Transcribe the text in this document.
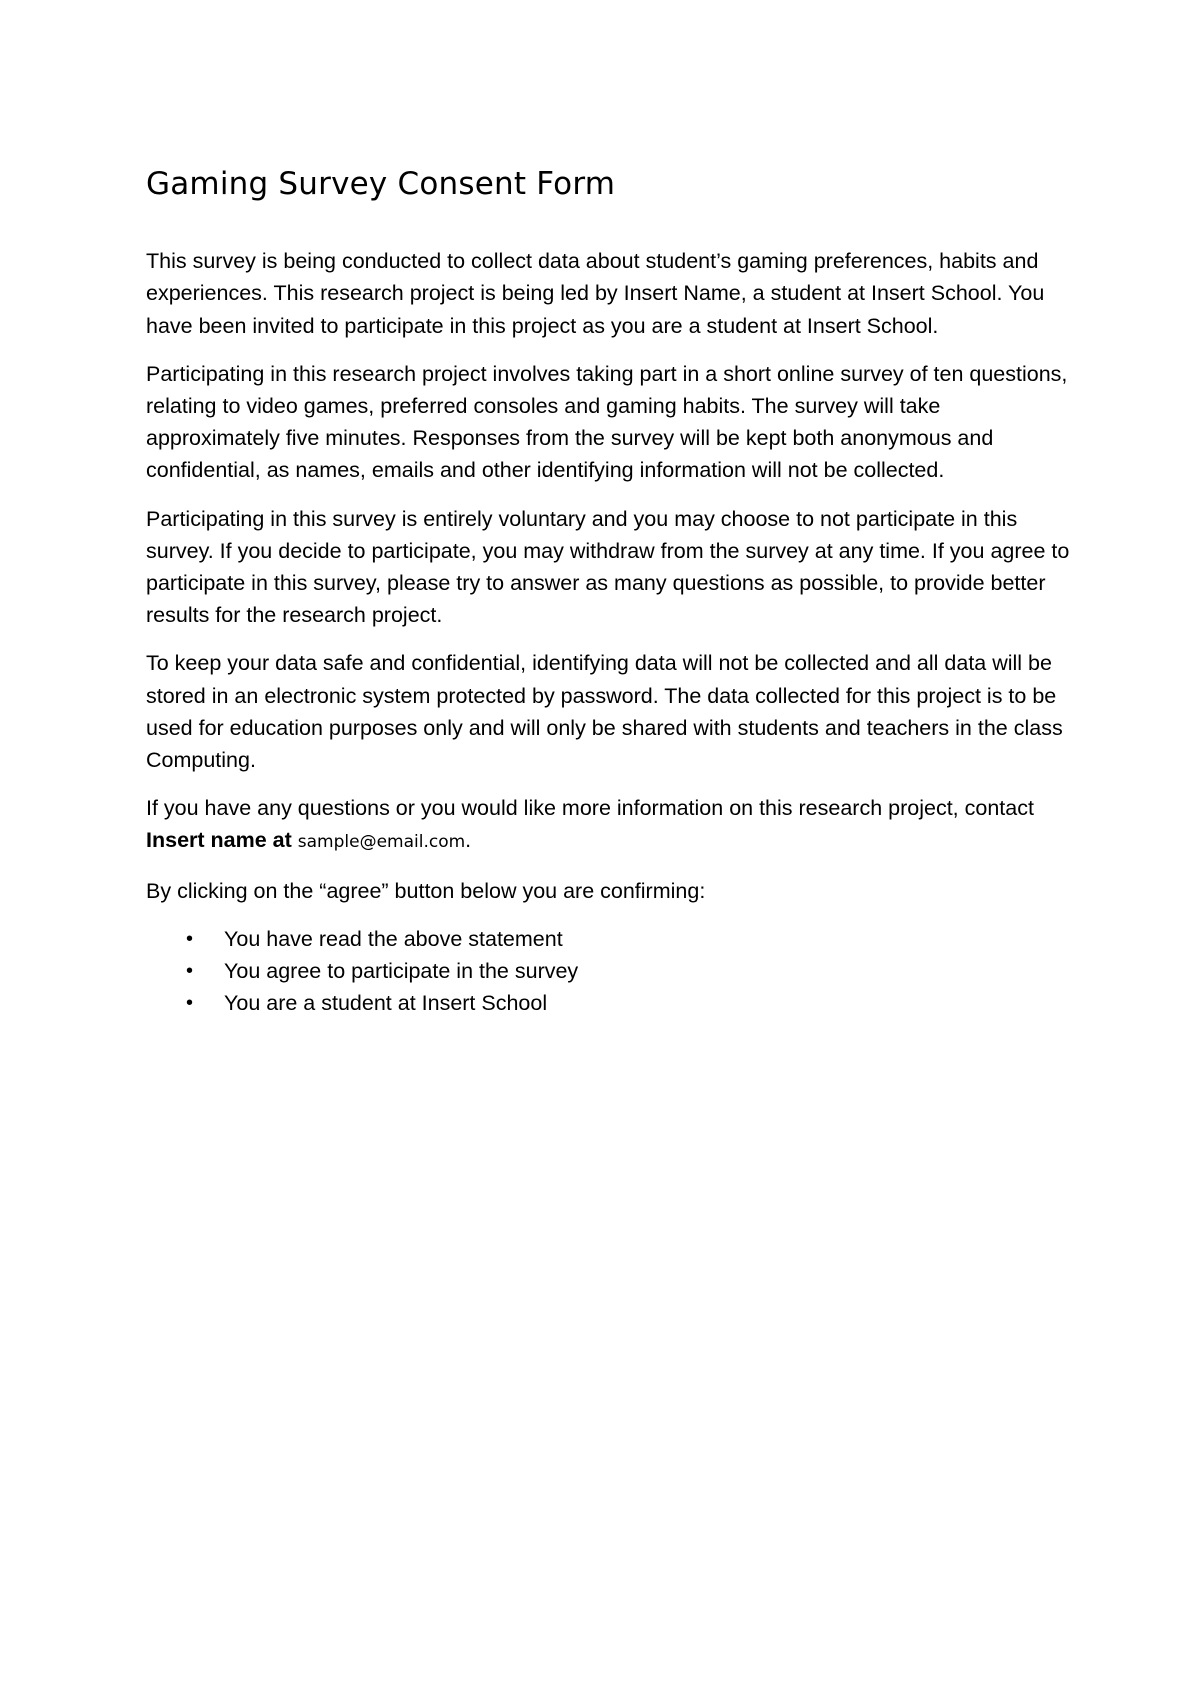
Gaming Survey Consent Form

This survey is being conducted to collect data about student’s gaming preferences, habits and experiences. This research project is being led by Insert Name, a student at Insert School. You have been invited to participate in this project as you are a student at Insert School.

Participating in this research project involves taking part in a short online survey of ten questions, relating to video games, preferred consoles and gaming habits. The survey will take approximately five minutes. Responses from the survey will be kept both anonymous and confidential, as names, emails and other identifying information will not be collected.

Participating in this survey is entirely voluntary and you may choose to not participate in this survey. If you decide to participate, you may withdraw from the survey at any time. If you agree to participate in this survey, please try to answer as many questions as possible, to provide better results for the research project.

To keep your data safe and confidential, identifying data will not be collected and all data will be stored in an electronic system protected by password. The data collected for this project is to be used for education purposes only and will only be shared with students and teachers in the class Computing.

If you have any questions or you would like more information on this research project, contact Insert name at sample@email.com.

By clicking on the “agree” button below you are confirming:

• You have read the above statement
• You agree to participate in the survey
• You are a student at Insert School
